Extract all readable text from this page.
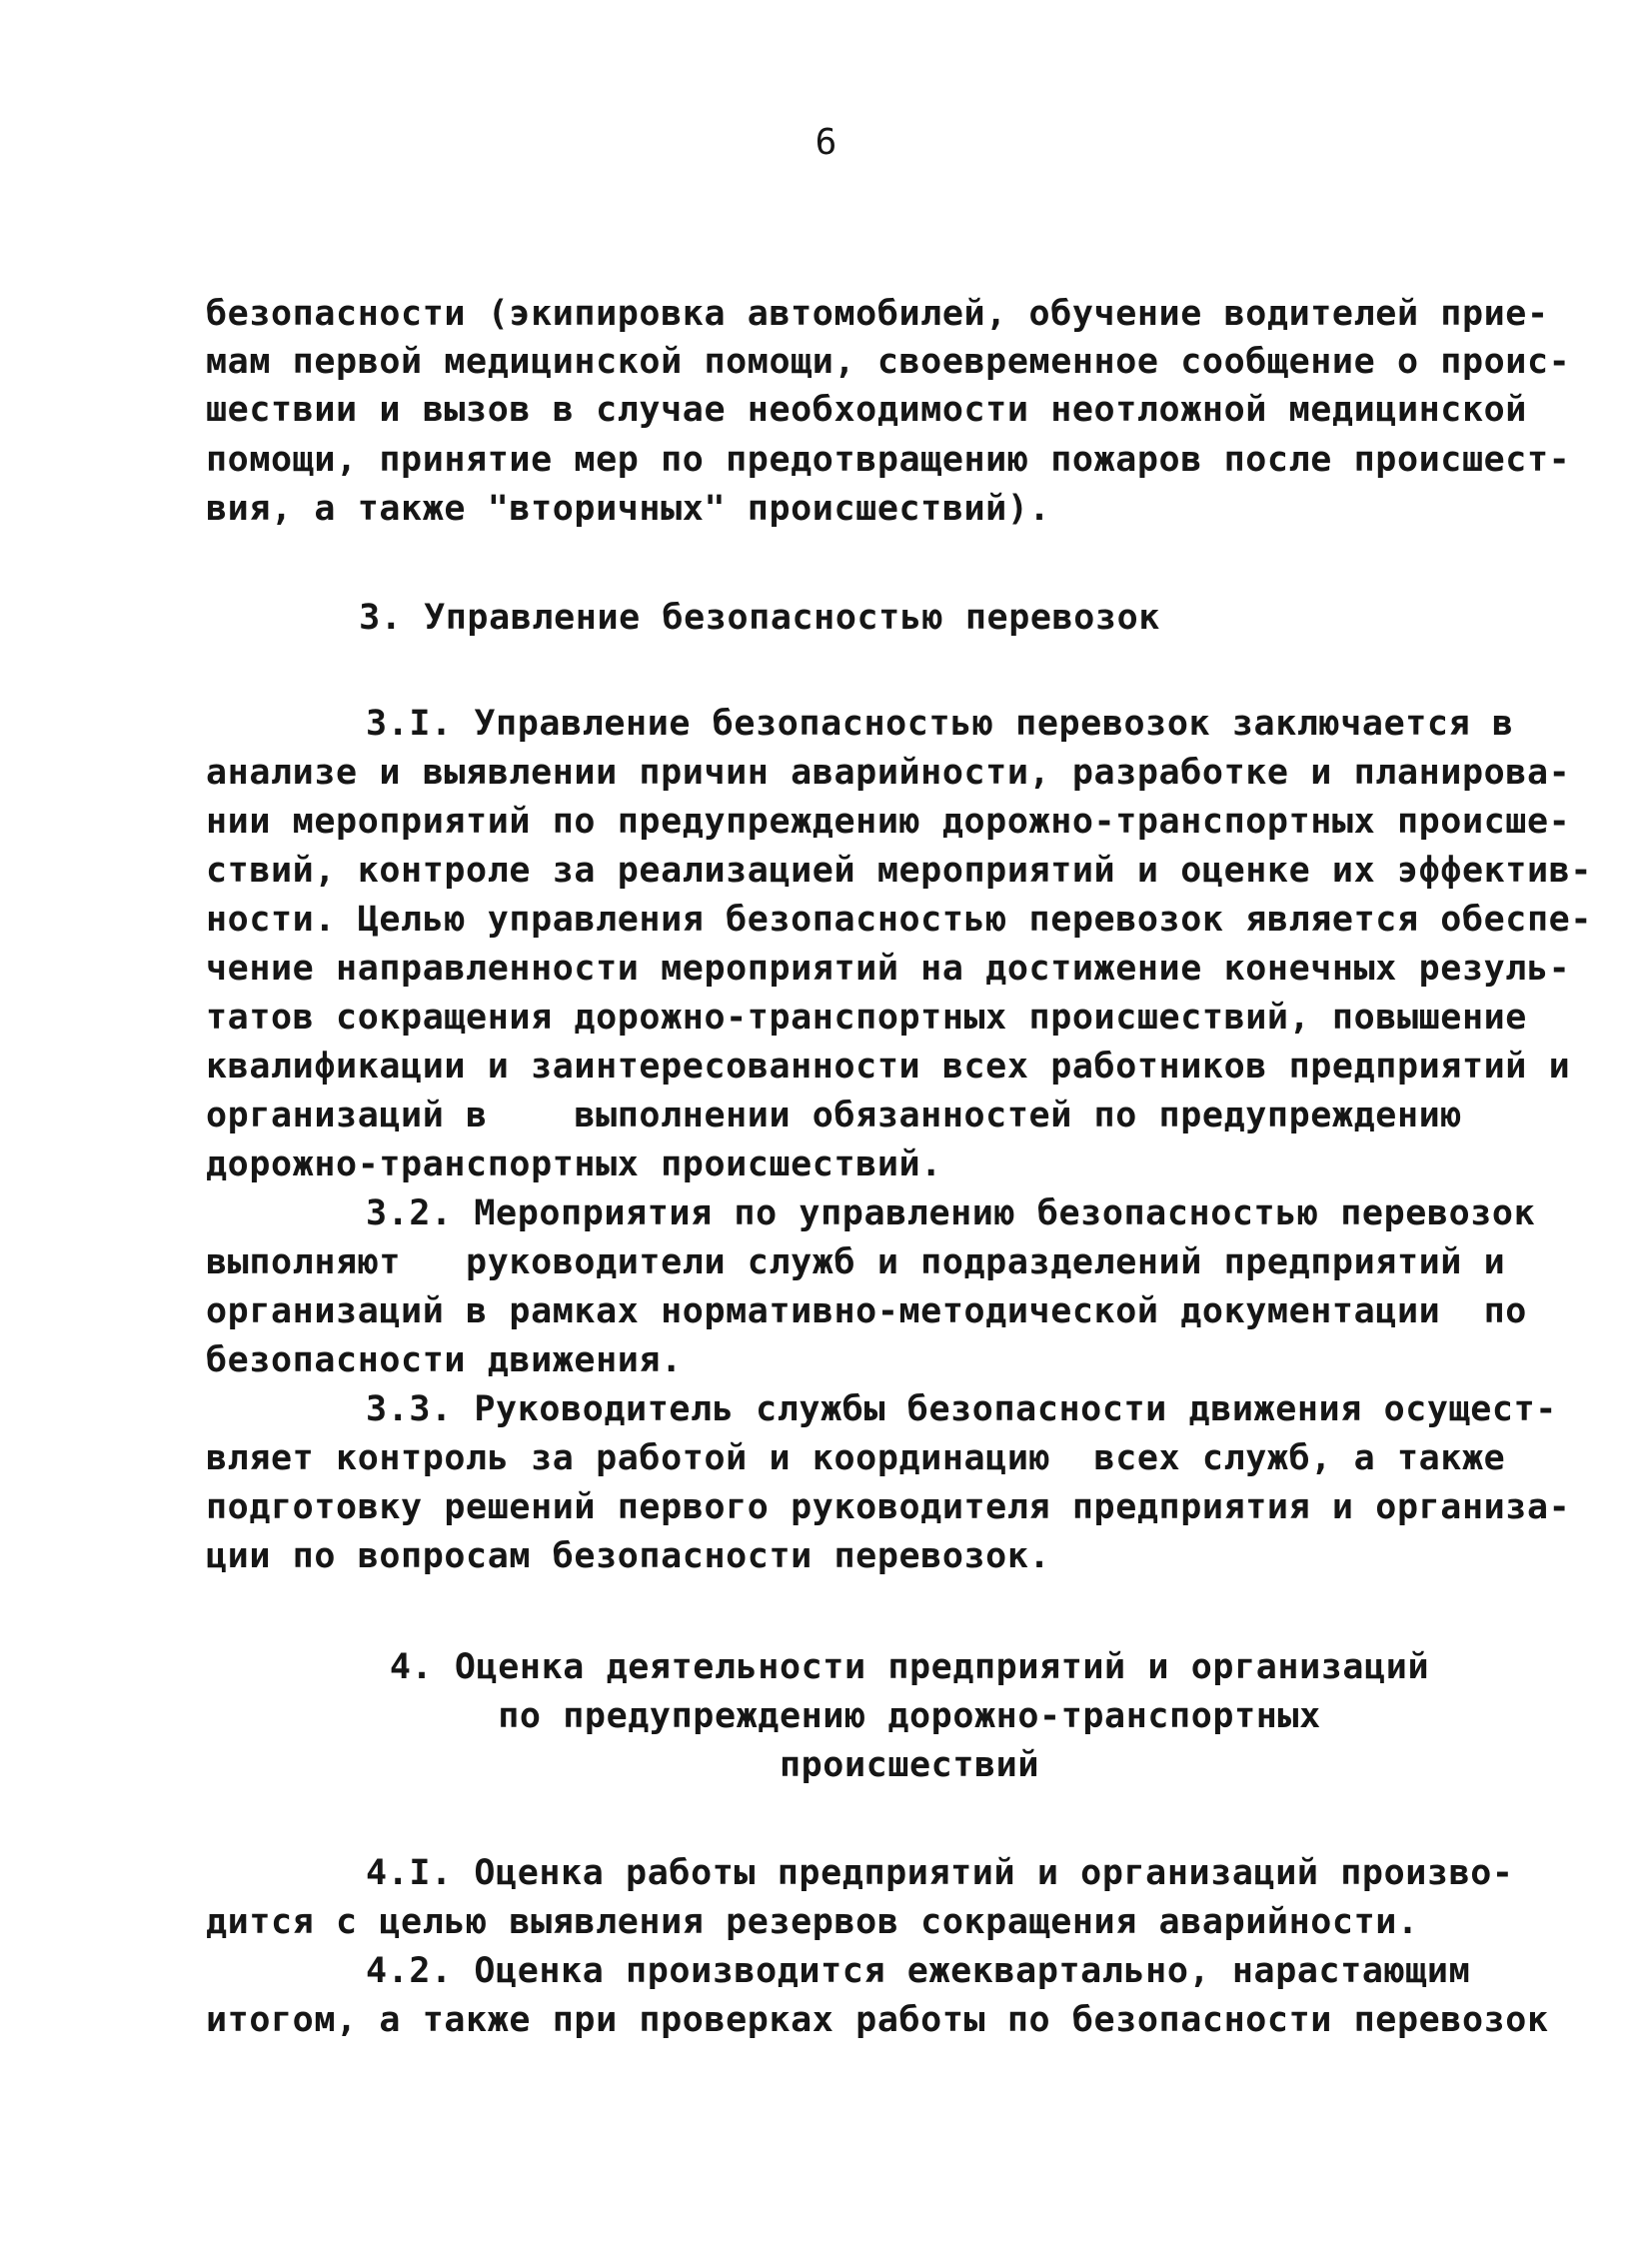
6
безопасности (экипировка автомобилей, обучение водителей прие-
мам первой медицинской помощи, своевременное сообщение о проис-
шествии и вызов в случае необходимости неотложной медицинской
помощи, принятие мер по предотвращению пожаров после происшест-
вия, а также "вторичных" происшествий).
3. Управление безопасностью перевозок
3.I. Управление безопасностью перевозок заключается в
анализе и выявлении причин аварийности, разработке и планирова-
нии мероприятий по предупреждению дорожно-транспортных происше-
ствий, контроле за реализацией мероприятий и оценке их эффектив-
ности. Целью управления безопасностью перевозок является обеспе-
чение направленности мероприятий на достижение конечных резуль-
татов сокращения дорожно-транспортных происшествий, повышение
квалификации и заинтересованности всех работников предприятий и
организаций в    выполнении обязанностей по предупреждению
дорожно-транспортных происшествий.
3.2. Мероприятия по управлению безопасностью перевозок
выполняют   руководители служб и подразделений предприятий и
организаций в рамках нормативно-методической документации  по
безопасности движения.
3.3. Руководитель службы безопасности движения осущест-
вляет контроль за работой и координацию  всех служб, а также
подготовку решений первого руководителя предприятия и организа-
ции по вопросам безопасности перевозок.
4. Оценка деятельности предприятий и организаций
по предупреждению дорожно-транспортных
происшествий
4.I. Оценка работы предприятий и организаций произво-
дится с целью выявления резервов сокращения аварийности.
4.2. Оценка производится ежеквартально, нарастающим
итогом, а также при проверках работы по безопасности перевозок
